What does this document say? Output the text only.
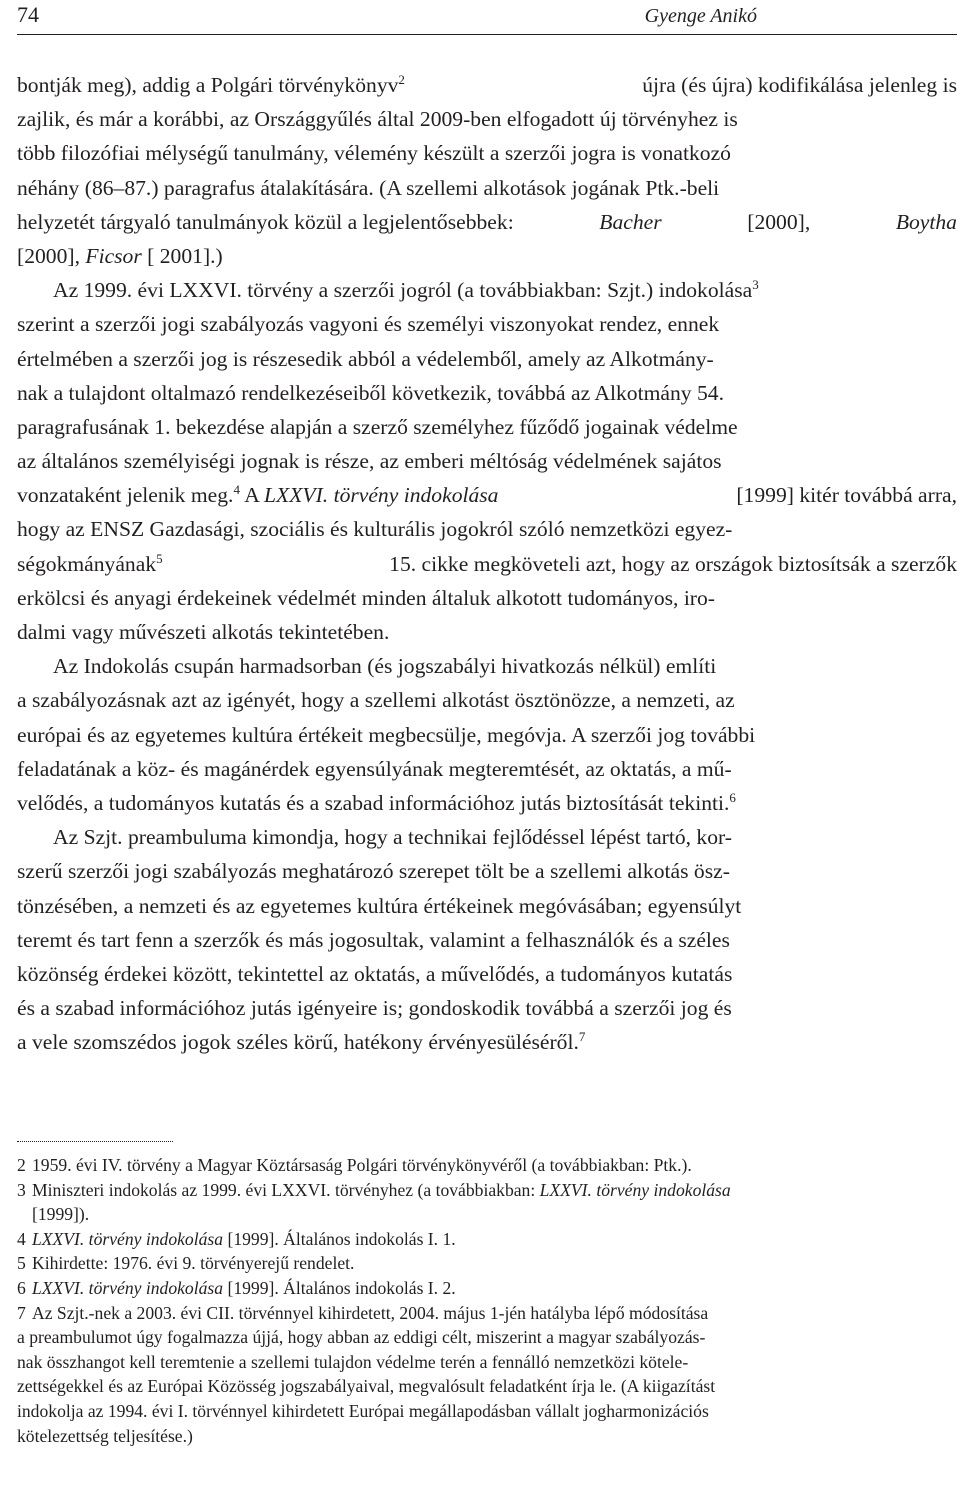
74	Gyenge Anikó
bontják meg), addig a Polgári törvénykönyv$^2$	újra (és újra) kodifikálása jelenleg is
zajlik, és már a korábbi, az Országgyűlés által 2009-ben elfogadott új törvényhez is
több filozófiai mélységű tanulmány, vélemény készült a szerzői jogra is vonatkozó
néhány (86–87.) paragrafus átalakítására. (A szellemi alkotások jogának Ptk.-beli
helyzetét tárgyaló tanulmányok közül a legjelentősebbek:	Bacher	[2000],	Boytha
[2000],
Ficsor
[ 2001].)
Az 1999. évi LXXVI. törvény a szerzői jogról (a továbbiakban: Szjt.) indokolása$^3$
szerint a szerzői jogi szabályozás vagyoni és személyi viszonyokat rendez, ennek
értelmében a szerzői jog is részesedik abból a védelemből, amely az Alkotmány-
nak a tulajdont oltalmazó rendelkezéseiből következik, továbbá az Alkotmány 54.
paragrafusának 1. bekezdése alapján a szerző személyhez fűződő jogainak védelme
az általános személyiségi jognak is része, az emberi méltóság védelmének sajátos
vonzataként jelenik meg.$^4$ A LXXVI. törvény indokolása	[1999] kitér továbbá arra,
hogy az ENSZ Gazdasági, szociális és kulturális jogokról szóló nemzetközi egyez-
ségokmányának$^5$	15. cikke megköveteli azt, hogy az országok biztosítsák a szerzők
erkölcsi és anyagi érdekeinek védelmét minden általuk alkotott tudományos, iro-
dalmi vagy művészeti alkotás tekintetében.
Az Indokolás csupán harmadsorban (és jogszabályi hivatkozás nélkül) említi
a szabályozásnak azt az igényét, hogy a szellemi alkotást ösztönözze, a nemzeti, az
európai és az egyetemes kultúra értékeit megbecsülje, megóvja. A szerzői jog további
feladatának a köz- és magánérdek egyensúlyának megteremtését, az oktatás, a mű-
velődés, a tudományos kutatás és a szabad információhoz jutás biztosítását tekinti.$^6$
Az Szjt. preambuluma kimondja, hogy a technikai fejlődéssel lépést tartó, kor-
szerű szerzői jogi szabályozás meghatározó szerepet tölt be a szellemi alkotás ösz-
tönzésében, a nemzeti és az egyetemes kultúra értékeinek megóvásában; egyensúlyt
teremt és tart fenn a szerzők és más jogosultak, valamint a felhasználók és a széles
közönség érdekei között, tekintettel az oktatás, a művelődés, a tudományos kutatás
és a szabad információhoz jutás igényeire is; gondoskodik továbbá a szerzői jog és
a vele szomszédos jogok széles körű, hatékony érvényesüléséről.$^7$
2 1959. évi IV. törvény a Magyar Köztársaság Polgári törvénykönyvéről (a továbbiakban: Ptk.).
3 Miniszteri indokolás az 1999. évi LXXVI. törvényhez (a továbbiakban:
LXXVI. törvény indokolása
[1999]).
4 LXXVI. törvény indokolása
[1999]. Általános indokolás I. 1.
5 Kihirdette: 1976. évi 9. törvényerejű rendelet.
6 LXXVI. törvény indokolása
[1999]. Általános indokolás I. 2.
7 Az Szjt.-nek a 2003. évi CII. törvénnyel kihirdetett, 2004. május 1-jén hatályba lépő módosítása
a preambulumot úgy fogalmazza újjá, hogy abban az eddigi célt, miszerint a magyar szabályozás-
nak összhangot kell teremtenie a szellemi tulajdon védelme terén a fennálló nemzetközi kötele-
zettségekkel és az Európai Közösség jogszabályaival, megvalósult feladatként írja le. (A kiigazítást
indokolja az 1994. évi I. törvénnyel kihirdetett Európai megállapodásban vállalt jogharmonizációs
kötelezettség teljesítése.)
